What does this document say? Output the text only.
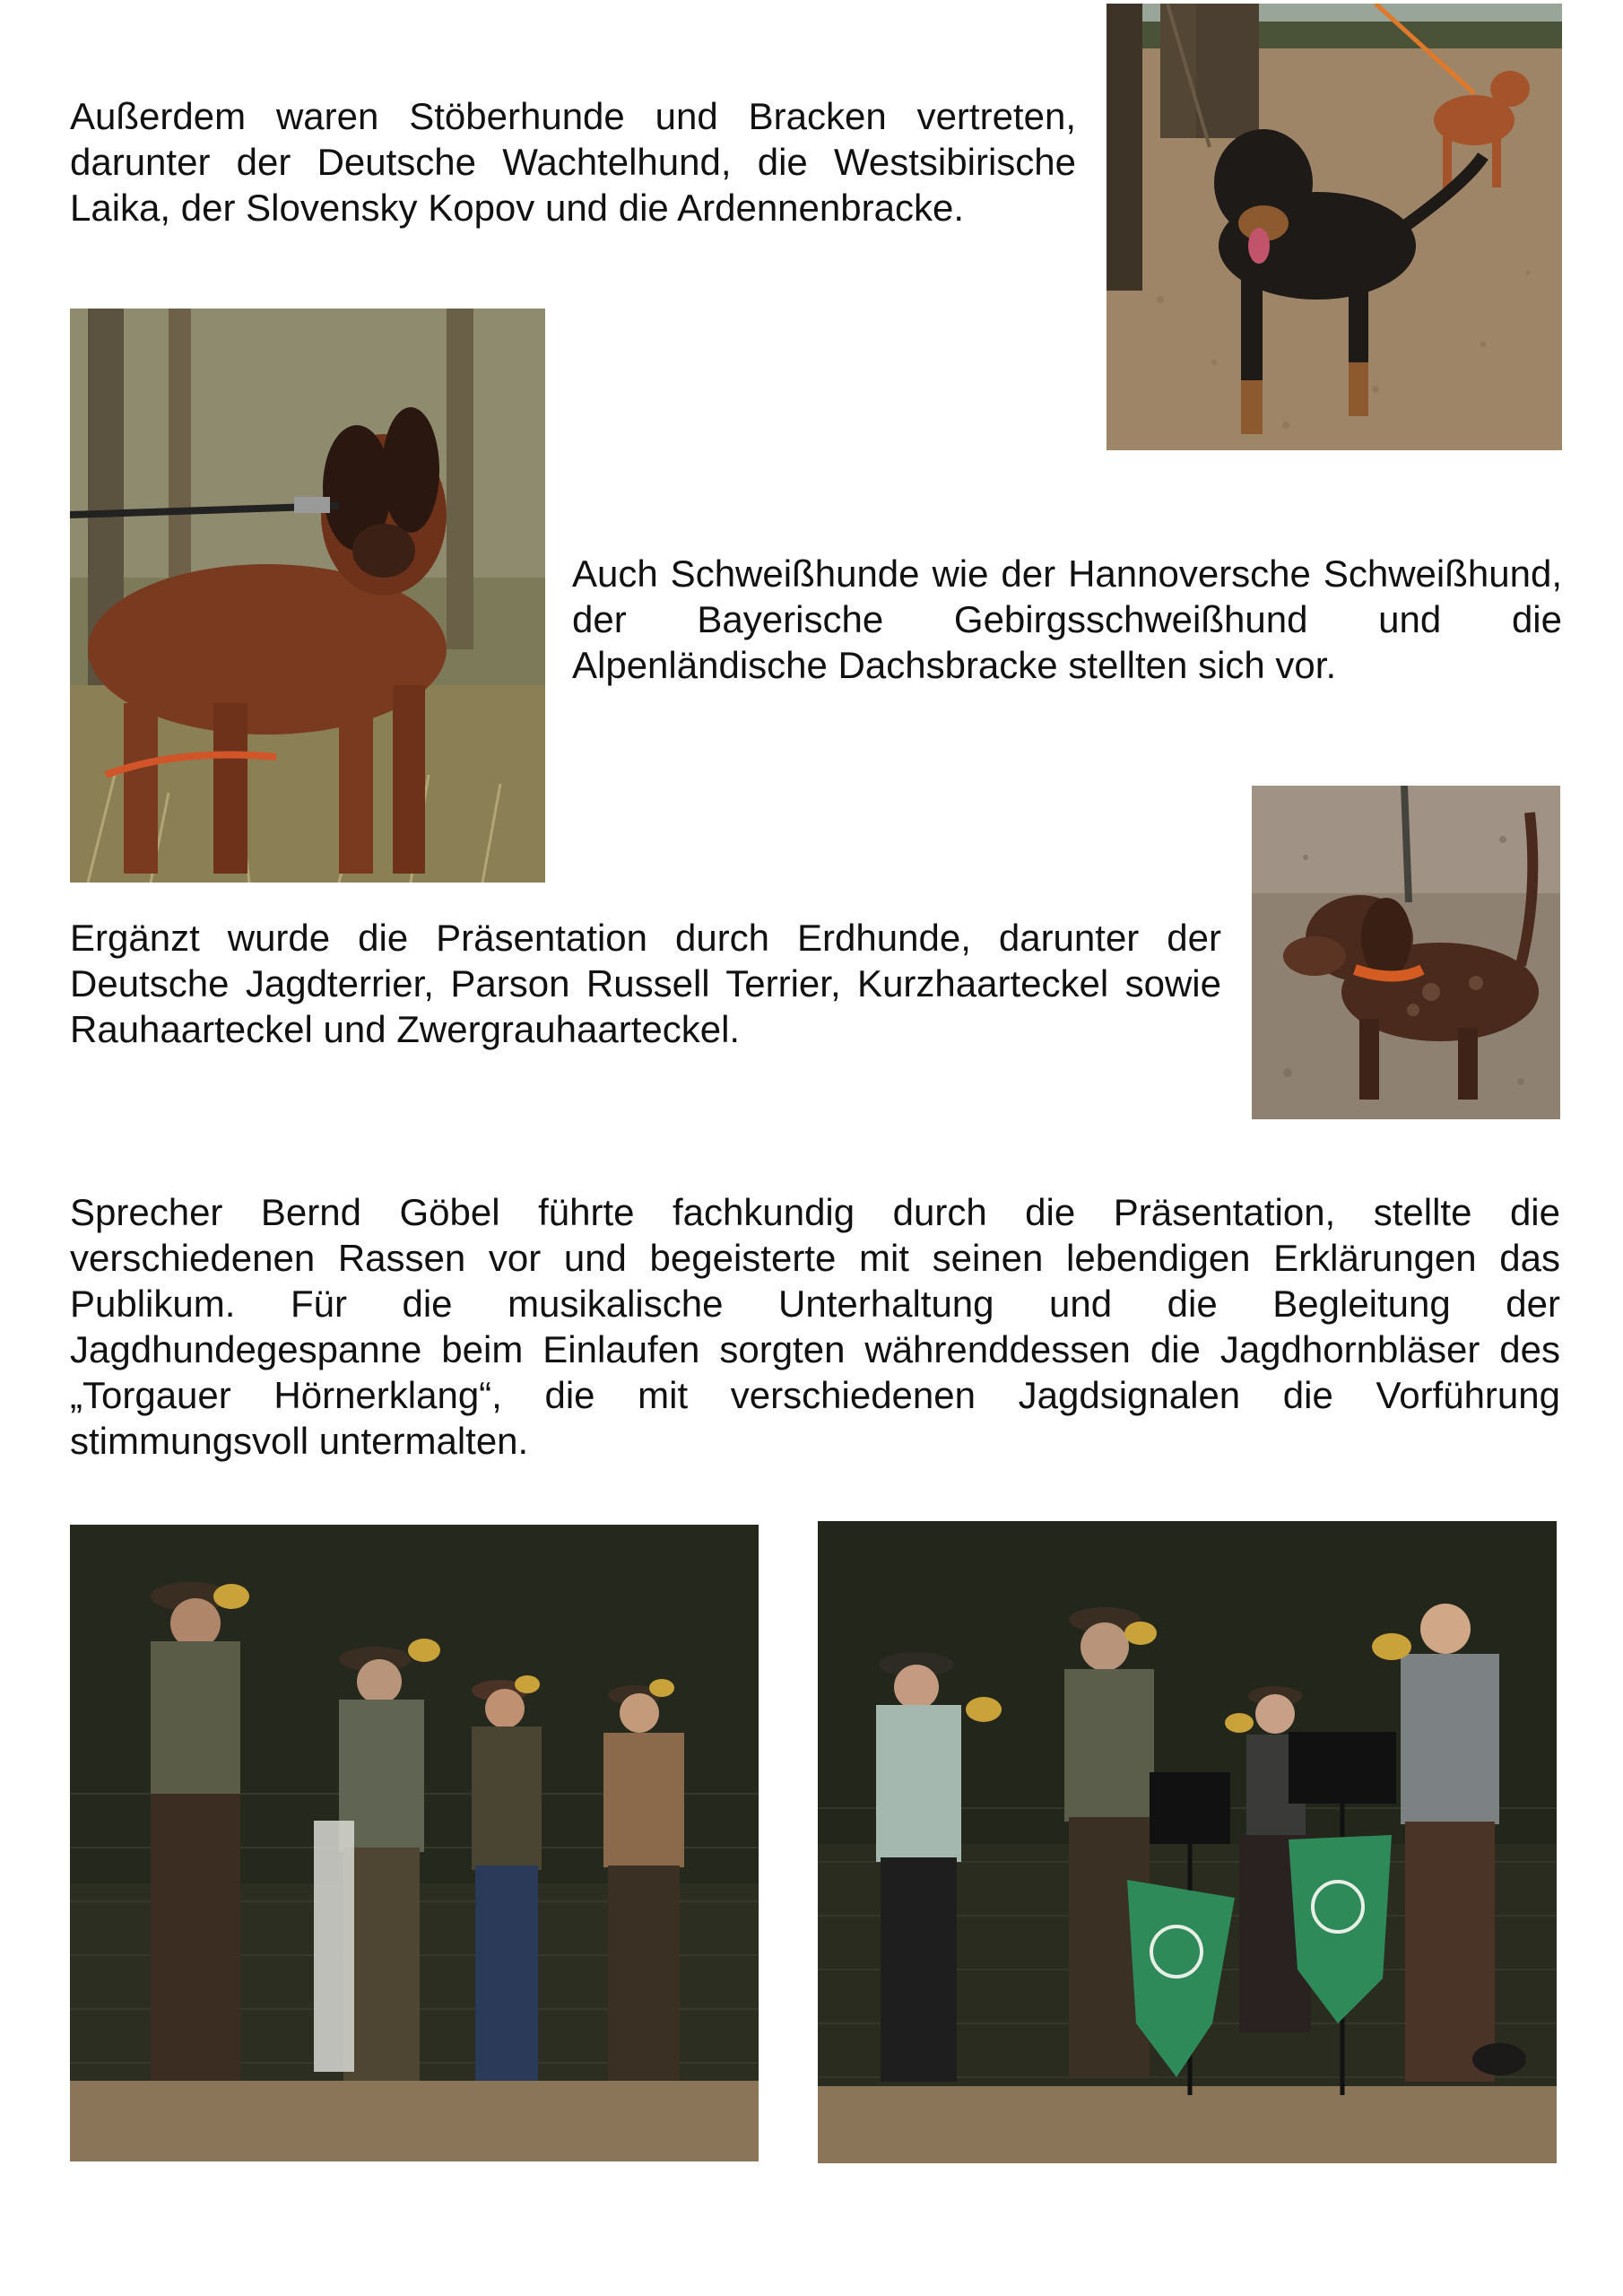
Außerdem waren Stöberhunde und Bracken vertreten, darunter der Deutsche Wachtelhund, die Westsibirische Laika, der Slovensky Kopov und die Ardennenbracke.

Auch Schweißhunde wie der Hannoversche Schweißhund, der Bayerische Gebirgsschweißhund und die Alpenländische Dachsbracke stellten sich vor.

Ergänzt wurde die Präsentation durch Erdhunde, darunter der Deutsche Jagdterrier, Parson Russell Terrier, Kurzhaarteckel sowie Rauhaarteckel und Zwergrauhaarteckel.

Sprecher Bernd Göbel führte fachkundig durch die Präsentation, stellte die verschiedenen Rassen vor und begeisterte mit seinen lebendigen Erklärungen das Publikum. Für die musikalische Unterhaltung und die Begleitung der Jagdhundegespanne beim Einlaufen sorgten währenddessen die Jagdhornbläser des „Torgauer Hörnerklang“, die mit verschiedenen Jagdsignalen die Vorführung stimmungsvoll untermalten.
